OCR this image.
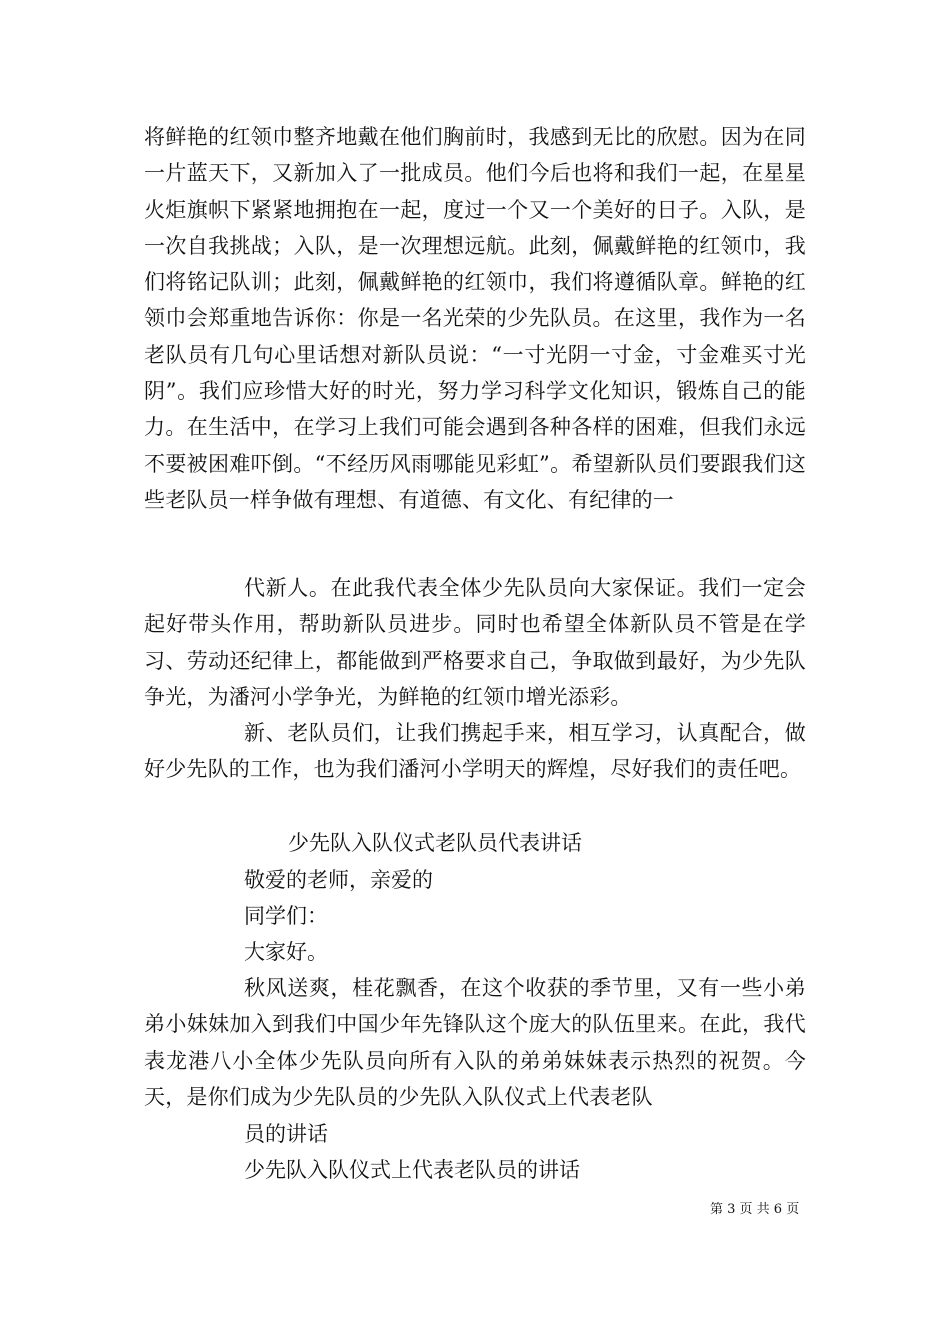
将鲜艳的红领巾整齐地戴在他们胸前时，我感到无比的欣慰。因为在同一片蓝天下，又新加入了一批成员。他们今后也将和我们一起，在星星火炬旗帜下紧紧地拥抱在一起，度过一个又一个美好的日子。入队，是一次自我挑战；入队，是一次理想远航。此刻，佩戴鲜艳的红领巾，我们将铭记队训；此刻，佩戴鲜艳的红领巾，我们将遵循队章。鲜艳的红领巾会郑重地告诉你：你是一名光荣的少先队员。在这里，我作为一名老队员有几句心里话想对新队员说：“一寸光阴一寸金，寸金难买寸光阴”。我们应珍惜大好的时光，努力学习科学文化知识，锻炼自己的能力。在生活中，在学习上我们可能会遇到各种各样的困难，但我们永远不要被困难吓倒。“不经历风雨哪能见彩虹”。希望新队员们要跟我们这些老队员一样争做有理想、有道德、有文化、有纪律的一
代新人。在此我代表全体少先队员向大家保证。我们一定会起好带头作用，帮助新队员进步。同时也希望全体新队员不管是在学习、劳动还纪律上，都能做到严格要求自己，争取做到最好，为少先队争光，为潘河小学争光，为鲜艳的红领巾增光添彩。
新、老队员们，让我们携起手来，相互学习，认真配合，做好少先队的工作，也为我们潘河小学明天的辉煌，尽好我们的责任吧。
少先队入队仪式老队员代表讲话
敬爱的老师，亲爱的
同学们：
大家好。
秋风送爽，桂花飘香，在这个收获的季节里，又有一些小弟弟小妹妹加入到我们中国少年先锋队这个庞大的队伍里来。在此，我代表龙港八小全体少先队员向所有入队的弟弟妹妹表示热烈的祝贺。今天，是你们成为少先队员的少先队入队仪式上代表老队
员的讲话
少先队入队仪式上代表老队员的讲话
第 3 页 共 6 页
